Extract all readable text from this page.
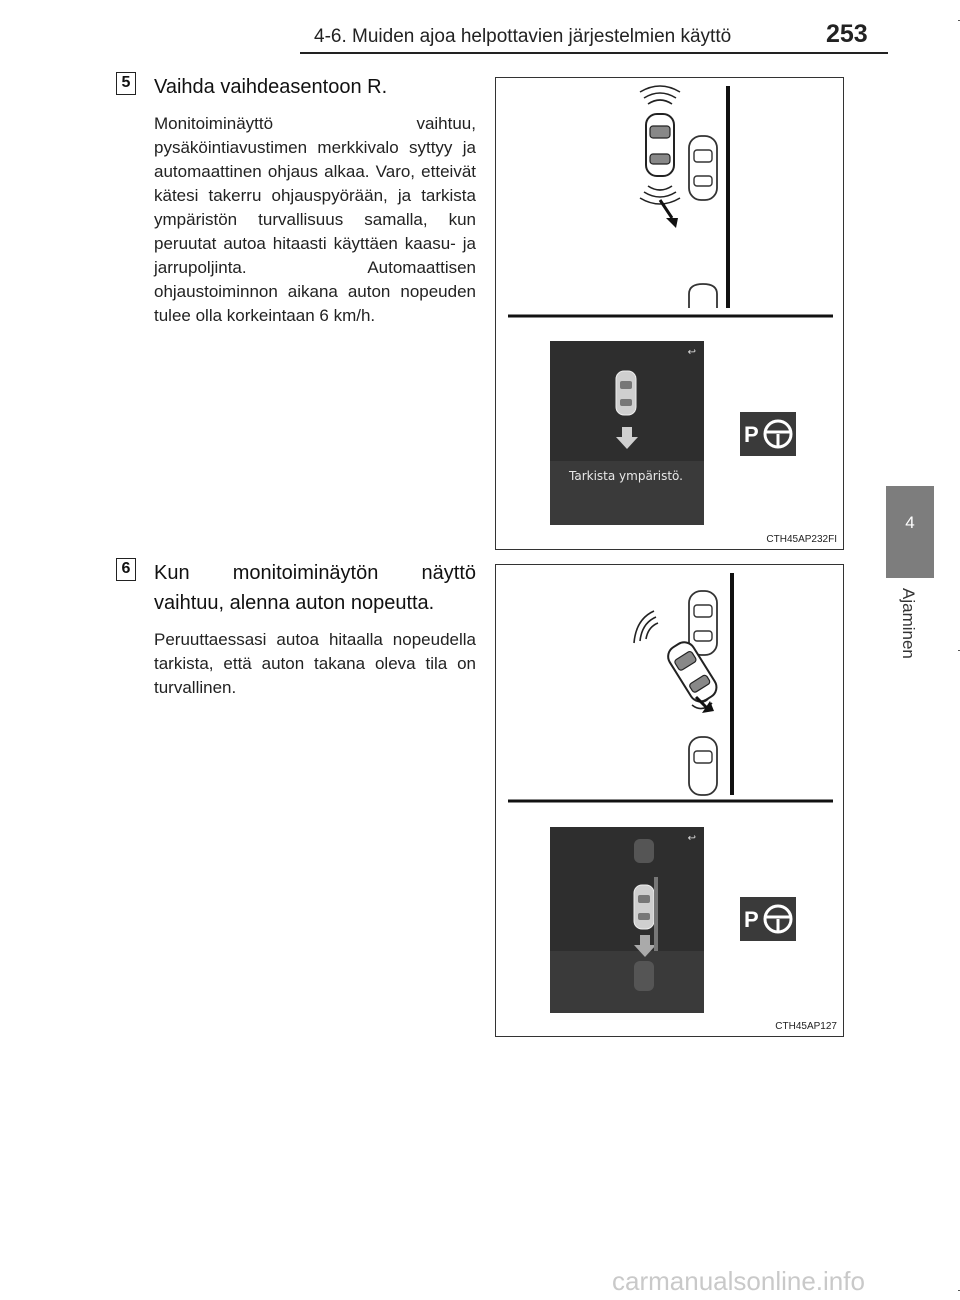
4-6. Muiden ajoa helpottavien järjestelmien käyttö	253
4
Ajaminen
5 Vaihda vaihdeasentoon R.
Monitoiminäyttö vaihtuu, pysäköintiavustimen merkkivalo syttyy ja automaattinen ohjaus alkaa. Varo, etteivät kätesi takerru ohjauspyörään, ja tarkista ympäristön turvallisuus samalla, kun peruutat autoa hitaasti käyttäen kaasu- ja jarrupoljinta. Automaattisen ohjaustoiminnon aikana auton nopeuden tulee olla korkeintaan 6 km/h.
6 Kun monitoiminäytön näyttö vaihtuu, alenna auton nopeutta.
Peruuttaessasi autoa hitaalla nopeudella tarkista, että auton takana oleva tila on turvallinen.
↩
P
Tarkista ympäristö.
CTH45AP232FI
↩
P
CTH45AP127
carmanualsonline.info
